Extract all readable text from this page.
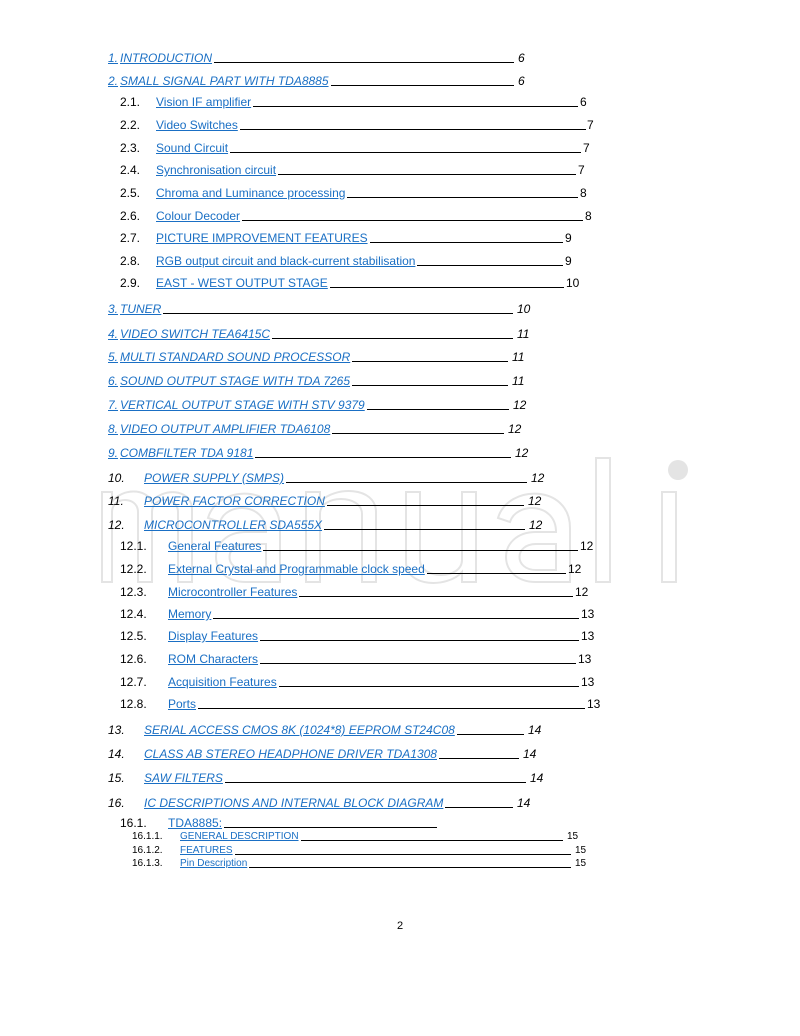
1. INTRODUCTION	6
2. SMALL SIGNAL PART WITH TDA8885	6
2.1. Vision IF amplifier	6
2.2. Video Switches	7
2.3. Sound Circuit	7
2.4. Synchronisation circuit	7
2.5. Chroma and Luminance processing	8
2.6. Colour Decoder	8
2.7. PICTURE IMPROVEMENT FEATURES	9
2.8. RGB output circuit and black-current stabilisation	9
2.9. EAST - WEST OUTPUT STAGE	10
3. TUNER	10
4. VIDEO SWITCH TEA6415C	11
5. MULTI STANDARD SOUND PROCESSOR	11
6. SOUND OUTPUT STAGE WITH TDA 7265	11
7. VERTICAL OUTPUT STAGE WITH STV 9379	12
8. VIDEO OUTPUT AMPLIFIER TDA6108	12
9. COMBFILTER TDA 9181	12
10. POWER SUPPLY (SMPS)	12
11. POWER FACTOR CORRECTION	12
12. MICROCONTROLLER SDA555X	12
12.1. General Features	12
12.2. External Crystal and Programmable clock speed	12
12.3. Microcontroller Features	12
12.4. Memory	13
12.5. Display Features	13
12.6. ROM Characters	13
12.7. Acquisition Features	13
12.8. Ports	13
13. SERIAL ACCESS CMOS 8K (1024*8) EEPROM ST24C08	14
14. CLASS AB STEREO HEADPHONE DRIVER TDA1308	14
15. SAW FILTERS	14
16. IC DESCRIPTIONS AND INTERNAL BLOCK DIAGRAM	14
16.1. TDA8885:
16.1.1. GENERAL DESCRIPTION	15
16.1.2. FEATURES	15
16.1.3. Pin Description	15
2
